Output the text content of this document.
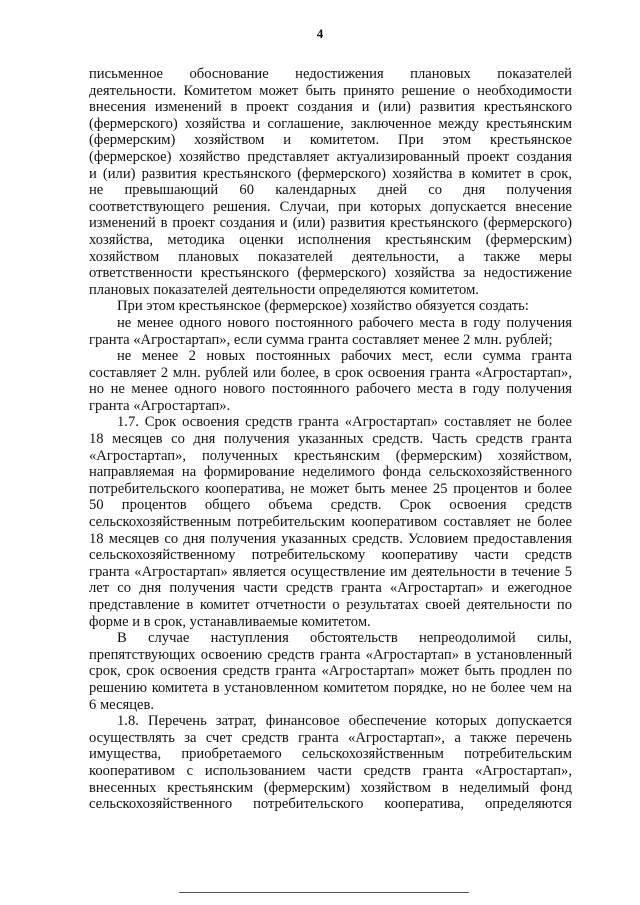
4
письменное обоснование недостижения плановых показателей
деятельности. Комитетом может быть принято решение о необходимости
внесения изменений в проект создания и (или) развития крестьянского
(фермерского) хозяйства и соглашение, заключенное между крестьянским
(фермерским) хозяйством и комитетом. При этом крестьянское
(фермерское) хозяйство представляет актуализированный проект создания
и (или) развития крестьянского (фермерского) хозяйства в комитет в срок,
не превышающий 60 календарных дней со дня получения
соответствующего решения. Случаи, при которых допускается внесение
изменений в проект создания и (или) развития крестьянского (фермерского)
хозяйства, методика оценки исполнения крестьянским (фермерским)
хозяйством плановых показателей деятельности, а также меры
ответственности крестьянского (фермерского) хозяйства за недостижение
плановых показателей деятельности определяются комитетом.
При этом крестьянское (фермерское) хозяйство обязуется создать:
не менее одного нового постоянного рабочего места в году получения
гранта «Агростартап», если сумма гранта составляет менее 2 млн. рублей;
не менее 2 новых постоянных рабочих мест, если сумма гранта
составляет 2 млн. рублей или более, в срок освоения гранта «Агростартап»,
но не менее одного нового постоянного рабочего места в году получения
гранта «Агростартап».
1.7. Срок освоения средств гранта «Агростартап» составляет не более
18 месяцев со дня получения указанных средств. Часть средств гранта
«Агростартап», полученных крестьянским (фермерским) хозяйством,
направляемая на формирование неделимого фонда сельскохозяйственного
потребительского кооператива, не может быть менее 25 процентов и более
50 процентов общего объема средств. Срок освоения средств
сельскохозяйственным потребительским кооперативом составляет не более
18 месяцев со дня получения указанных средств. Условием предоставления
сельскохозяйственному потребительскому кооперативу части средств
гранта «Агростартап» является осуществление им деятельности в течение 5
лет со дня получения части средств гранта «Агростартап» и ежегодное
представление в комитет отчетности о результатах своей деятельности по
форме и в срок, устанавливаемые комитетом.
В случае наступления обстоятельств непреодолимой силы,
препятствующих освоению средств гранта «Агростартап» в установленный
срок, срок освоения средств гранта «Агростартап» может быть продлен по
решению комитета в установленном комитетом порядке, но не более чем на
6 месяцев.
1.8. Перечень затрат, финансовое обеспечение которых допускается
осуществлять за счет средств гранта «Агростартап», а также перечень
имущества, приобретаемого сельскохозяйственным потребительским
кооперативом с использованием части средств гранта «Агростартап»,
внесенных крестьянским (фермерским) хозяйством в неделимый фонд
сельскохозяйственного потребительского кооператива, определяются
